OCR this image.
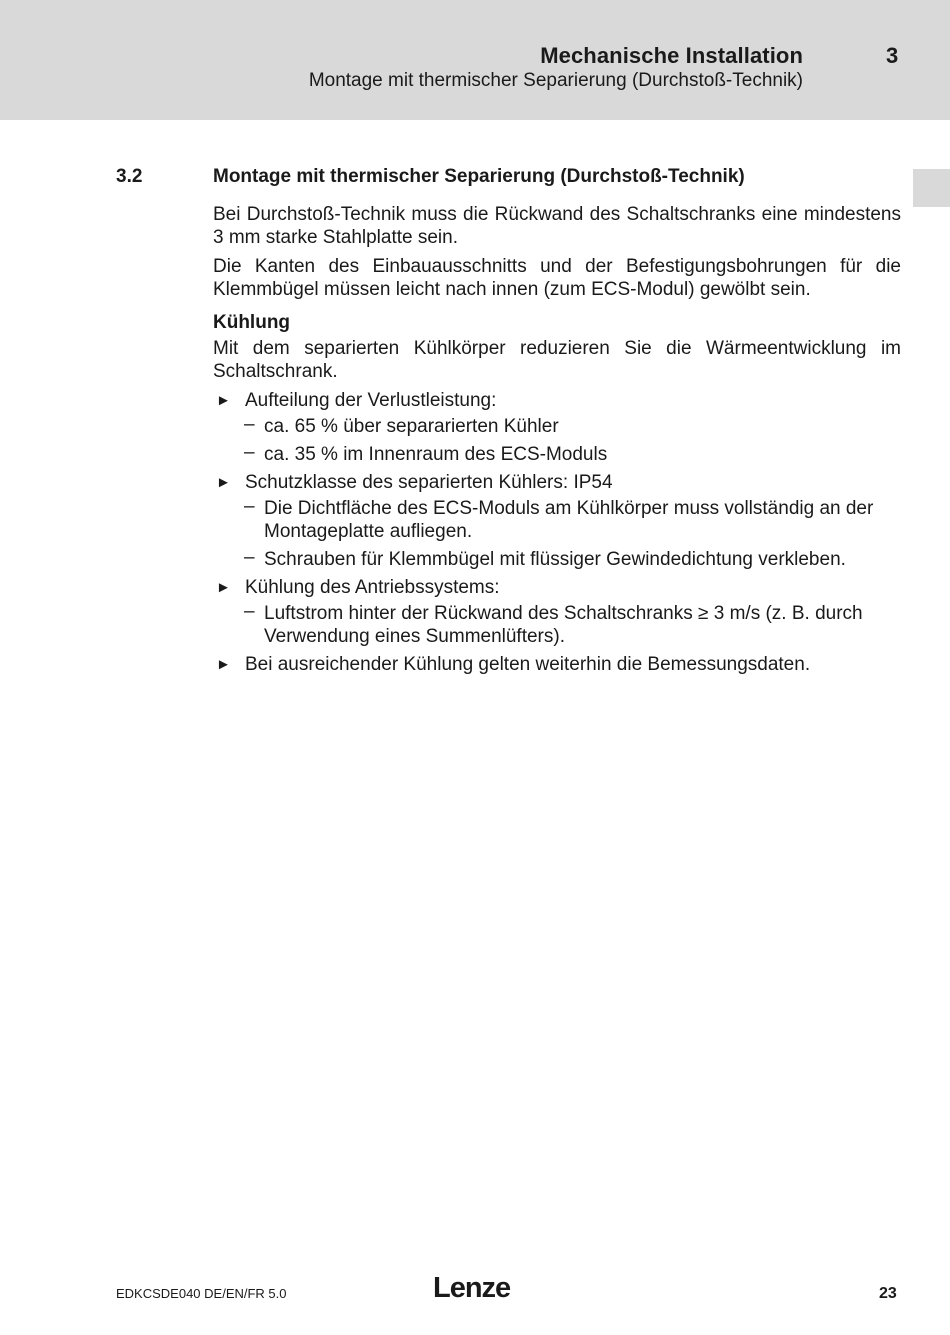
Mechanische Installation	3
Montage mit thermischer Separierung (Durchstoß-Technik)
3.2	Montage mit thermischer Separierung (Durchstoß-Technik)

Bei Durchstoß-Technik muss die Rückwand des Schaltschranks eine mindestens 3 mm starke Stahlplatte sein.

Die Kanten des Einbauausschnitts und der Befestigungsbohrungen für die Klemmbügel müssen leicht nach innen (zum ECS-Modul) gewölbt sein.

Kühlung

Mit dem separierten Kühlkörper reduzieren Sie die Wärmeentwicklung im Schaltschrank.

► Aufteilung der Verlustleistung:
– ca. 65 % über separarierten Kühler
– ca. 35 % im Innenraum des ECS-Moduls
► Schutzklasse des separierten Kühlers: IP54
– Die Dichtfläche des ECS-Moduls am Kühlkörper muss vollständig an der Montageplatte aufliegen.
– Schrauben für Klemmbügel mit flüssiger Gewindedichtung verkleben.
► Kühlung des Antriebssystems:
– Luftstrom hinter der Rückwand des Schaltschranks ≥ 3 m/s (z. B. durch Verwendung eines Summenlüfters).
► Bei ausreichender Kühlung gelten weiterhin die Bemessungsdaten.
EDKCSDE040 DE/EN/FR 5.0	Lenze	23
